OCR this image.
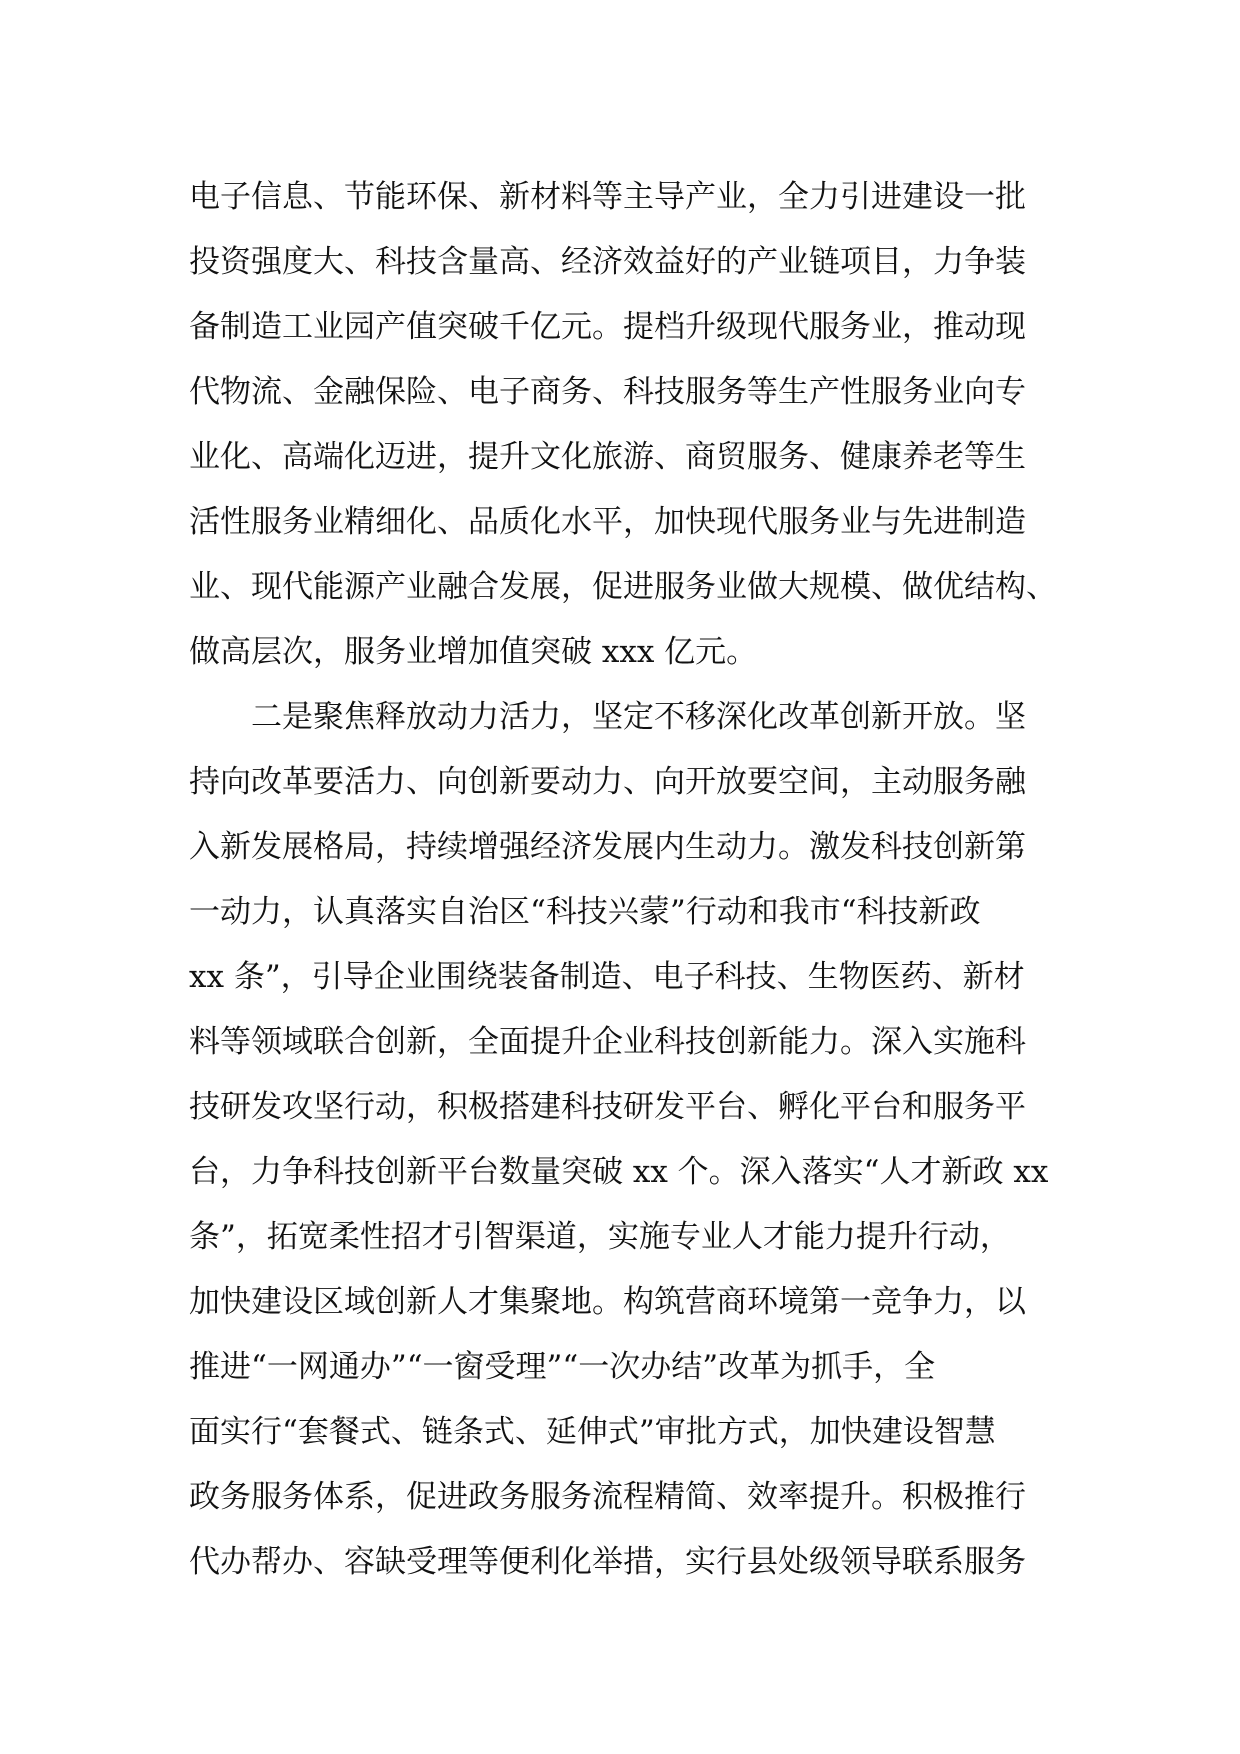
电子信息、节能环保、新材料等主导产业，全力引进建设一批
投资强度大、科技含量高、经济效益好的产业链项目，力争装
备制造工业园产值突破千亿元。提档升级现代服务业，推动现
代物流、金融保险、电子商务、科技服务等生产性服务业向专
业化、高端化迈进，提升文化旅游、商贸服务、健康养老等生
活性服务业精细化、品质化水平，加快现代服务业与先进制造
业、现代能源产业融合发展，促进服务业做大规模、做优结构、
做高层次，服务业增加值突破 xxx 亿元。
二是聚焦释放动力活力，坚定不移深化改革创新开放。坚
持向改革要活力、向创新要动力、向开放要空间，主动服务融
入新发展格局，持续增强经济发展内生动力。激发科技创新第
一动力，认真落实自治区“科技兴蒙”行动和我市“科技新政
xx 条”，引导企业围绕装备制造、电子科技、生物医药、新材
料等领域联合创新，全面提升企业科技创新能力。深入实施科
技研发攻坚行动，积极搭建科技研发平台、孵化平台和服务平
台，力争科技创新平台数量突破 xx 个。深入落实“人才新政 xx
条”，拓宽柔性招才引智渠道，实施专业人才能力提升行动，
加快建设区域创新人才集聚地。构筑营商环境第一竞争力，以
推进“一网通办”“一窗受理”“一次办结”改革为抓手，全
面实行“套餐式、链条式、延伸式”审批方式，加快建设智慧
政务服务体系，促进政务服务流程精简、效率提升。积极推行
代办帮办、容缺受理等便利化举措，实行县处级领导联系服务
